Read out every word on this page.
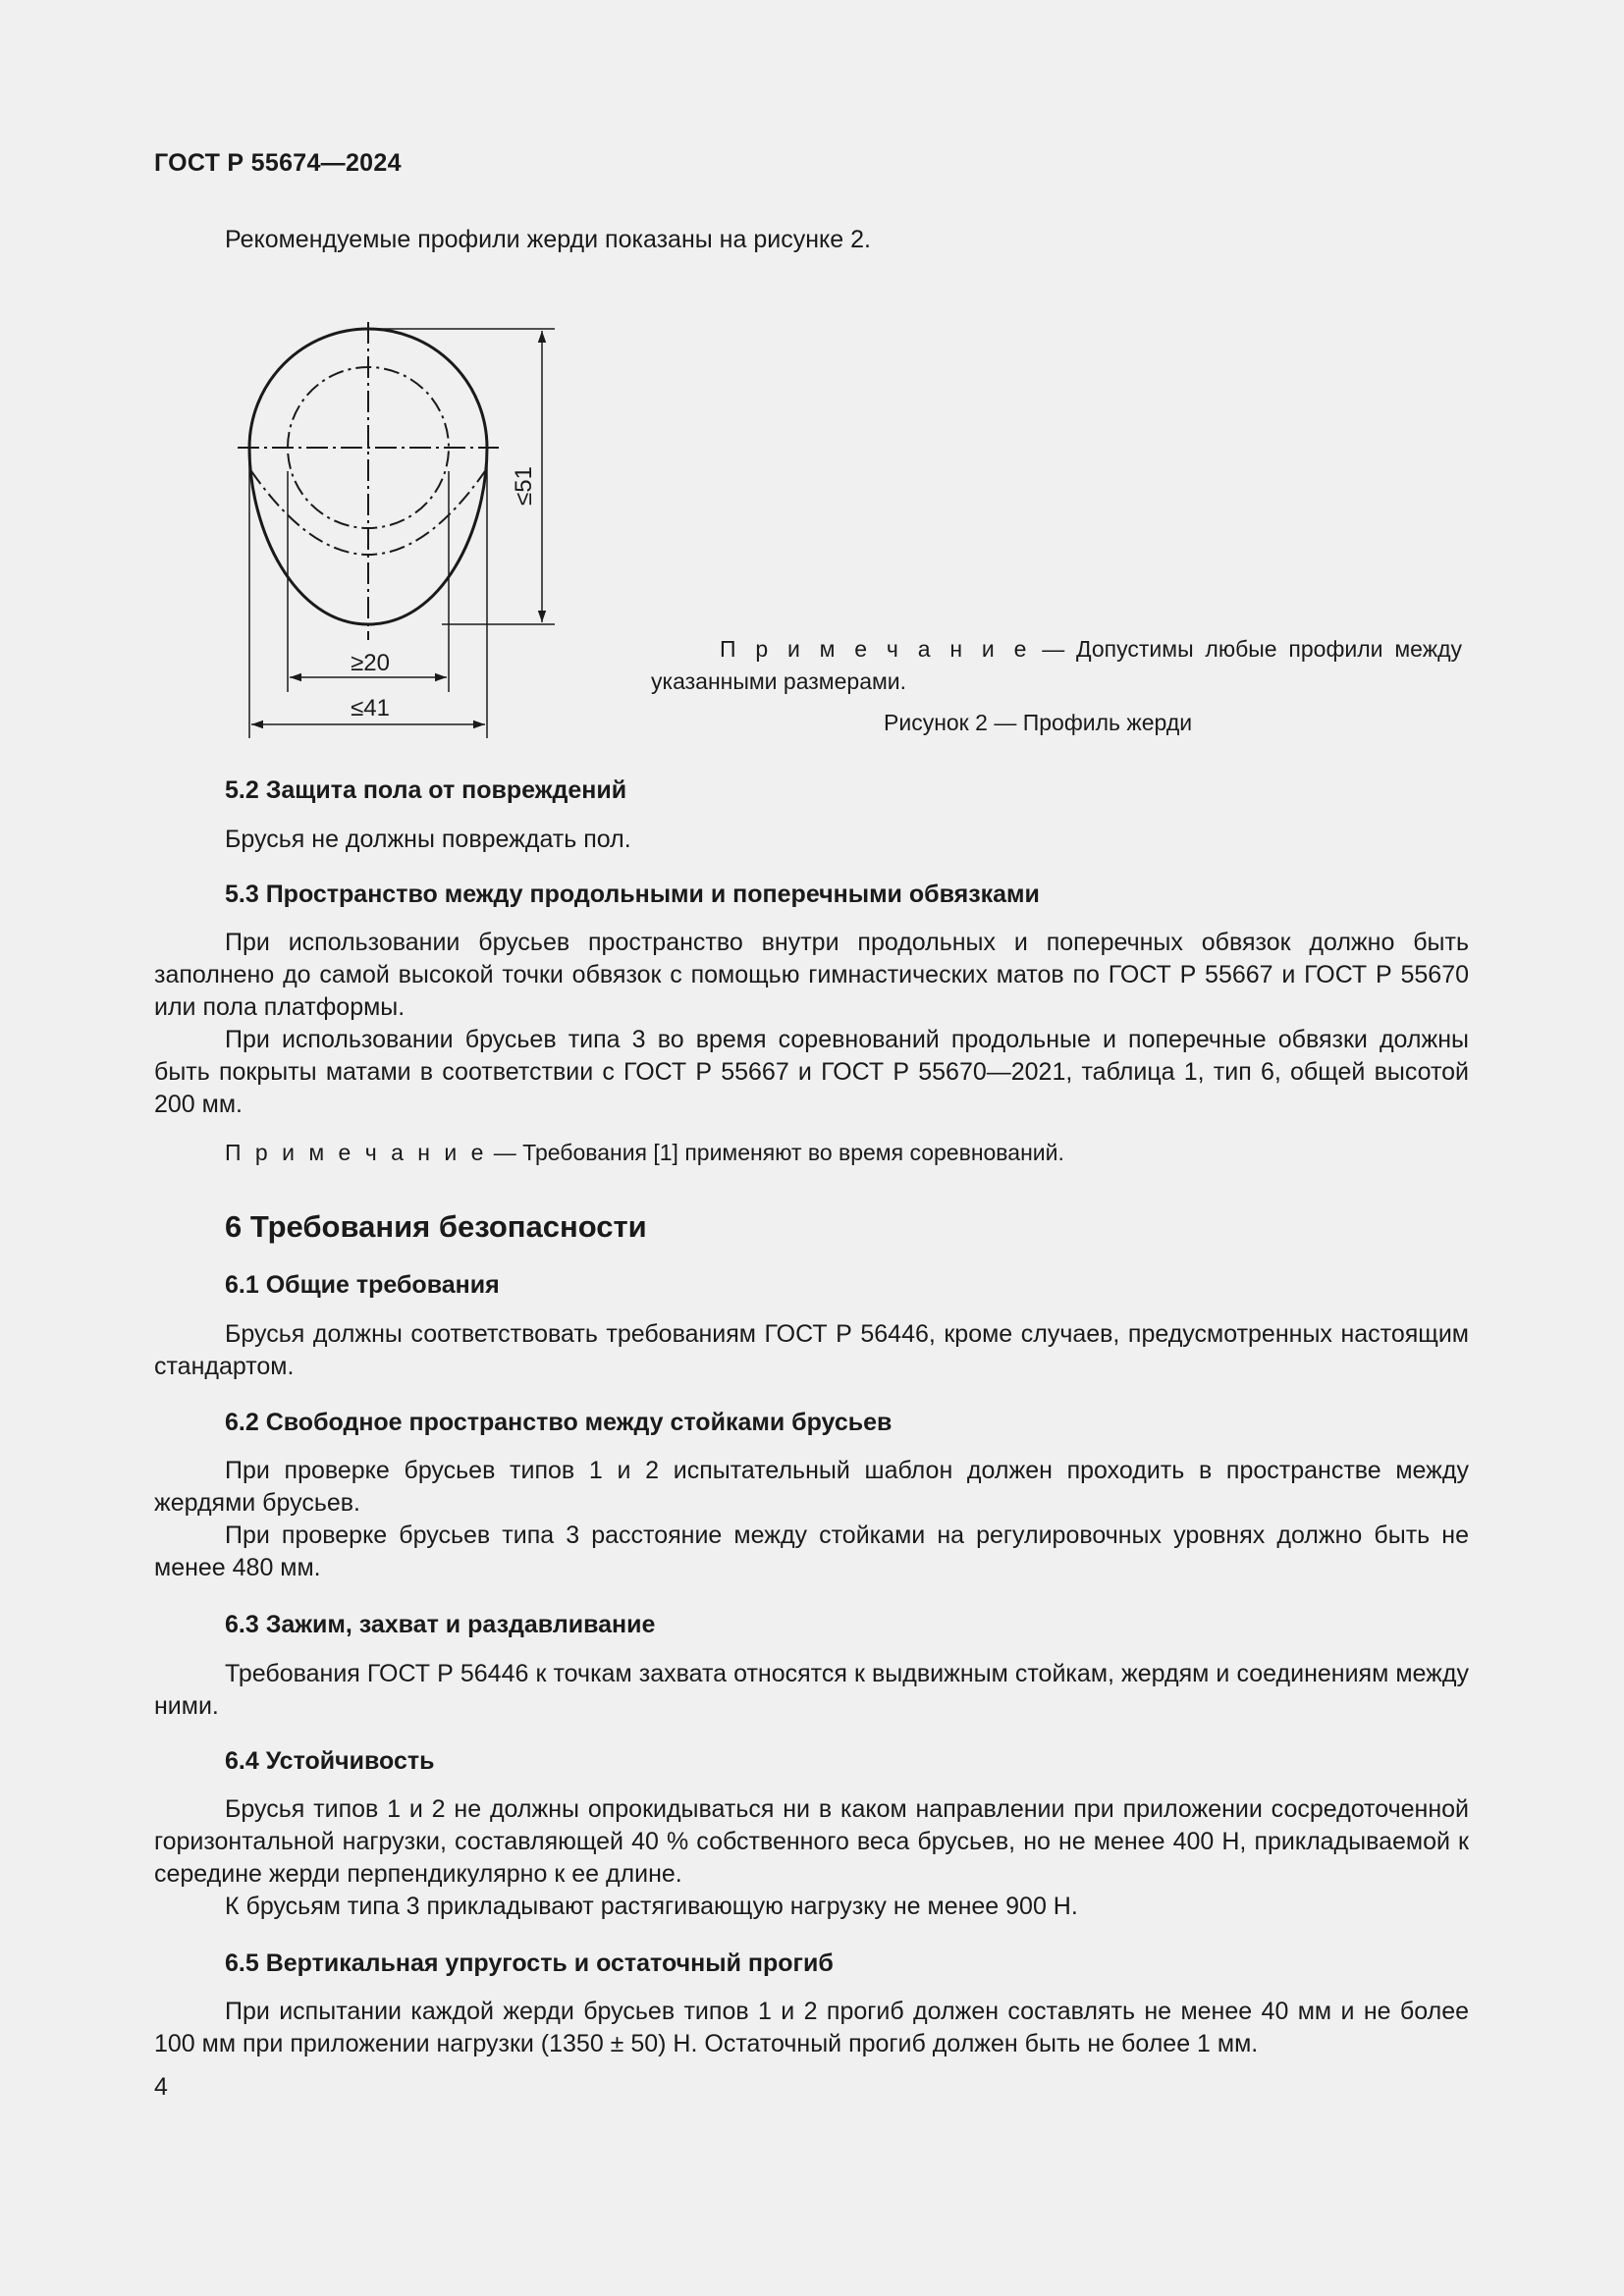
ГОСТ Р 55674—2024
Рекомендуемые профили жерди показаны на рисунке 2.
≤51
≥20
≤41
П р и м е ч а н и е — Допустимы любые профили между указанными размерами.
Рисунок 2 — Профиль жерди
5.2 Защита пола от повреждений
Брусья не должны повреждать пол.
5.3 Пространство между продольными и поперечными обвязками

При использовании брусьев пространство внутри продольных и поперечных обвязок должно быть заполнено до самой высокой точки обвязок с помощью гимнастических матов по ГОСТ Р 55667 и ГОСТ Р 55670 или пола платформы.

При использовании брусьев типа 3 во время соревнований продольные и поперечные обвязки должны быть покрыты матами в соответствии с ГОСТ Р 55667 и ГОСТ Р 55670—2021, таблица 1, тип 6, общей высотой 200 мм.

П р и м е ч а н и е — Требования [1] применяют во время соревнований.
6 Требования безопасности
6.1 Общие требования

Брусья должны соответствовать требованиям ГОСТ Р 56446, кроме случаев, предусмотренных настоящим стандартом.

6.2 Свободное пространство между стойками брусьев

При проверке брусьев типов 1 и 2 испытательный шаблон должен проходить в пространстве между жердями брусьев.

При проверке брусьев типа 3 расстояние между стойками на регулировочных уровнях должно быть не менее 480 мм.

6.3 Зажим, захват и раздавливание

Требования ГОСТ Р 56446 к точкам захвата относятся к выдвижным стойкам, жердям и соединениям между ними.

6.4 Устойчивость

Брусья типов 1 и 2 не должны опрокидываться ни в каком направлении при приложении сосредоточенной горизонтальной нагрузки, составляющей 40 % собственного веса брусьев, но не менее 400 Н, прикладываемой к середине жерди перпендикулярно к ее длине.

К брусьям типа 3 прикладывают растягивающую нагрузку не менее 900 Н.

6.5 Вертикальная упругость и остаточный прогиб

При испытании каждой жерди брусьев типов 1 и 2 прогиб должен составлять не менее 40 мм и не более 100 мм при приложении нагрузки (1350 ± 50) Н. Остаточный прогиб должен быть не более 1 мм.

4
